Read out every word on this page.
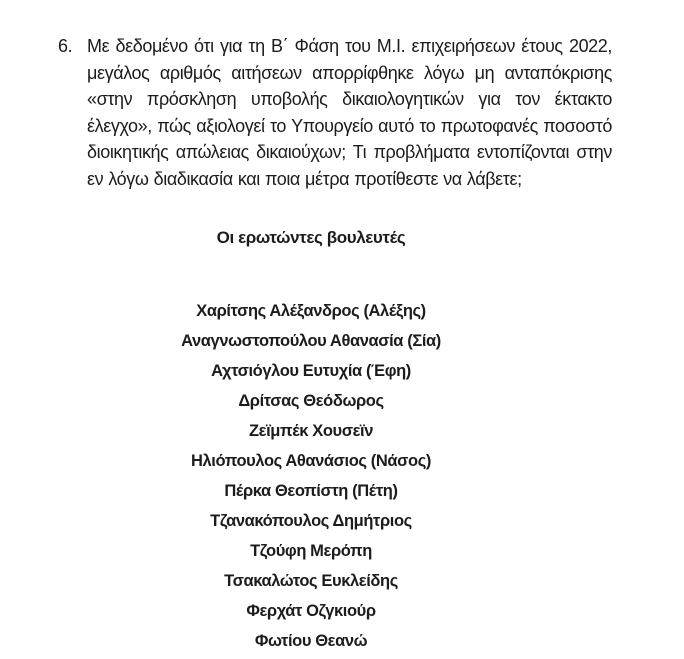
6. Με δεδομένο ότι για τη Β΄ Φάση του Μ.Ι. επιχειρήσεων έτους 2022, μεγάλος αριθμός αιτήσεων απορρίφθηκε λόγω μη ανταπόκρισης «στην πρόσκληση υποβολής δικαιολογητικών για τον έκτακτο έλεγχο», πώς αξιολογεί το Υπουργείο αυτό το πρωτοφανές ποσοστό διοικητικής απώλειας δικαιούχων; Τι προβλήματα εντοπίζονται στην εν λόγω διαδικασία και ποια μέτρα προτίθεστε να λάβετε;
Οι ερωτώντες βουλευτές
Χαρίτσης Αλέξανδρος (Αλέξης)
Αναγνωστοπούλου Αθανασία (Σία)
Αχτσιόγλου Ευτυχία (Έφη)
Δρίτσας Θεόδωρος
Ζεϊμπέκ Χουσεϊν
Ηλιόπουλος Αθανάσιος (Νάσος)
Πέρκα Θεοπίστη (Πέτη)
Τζανακόπουλος Δημήτριος
Τζούφη Μερόπη
Τσακαλώτος Ευκλείδης
Φερχάτ Οζγκιούρ
Φωτίου Θεανώ
